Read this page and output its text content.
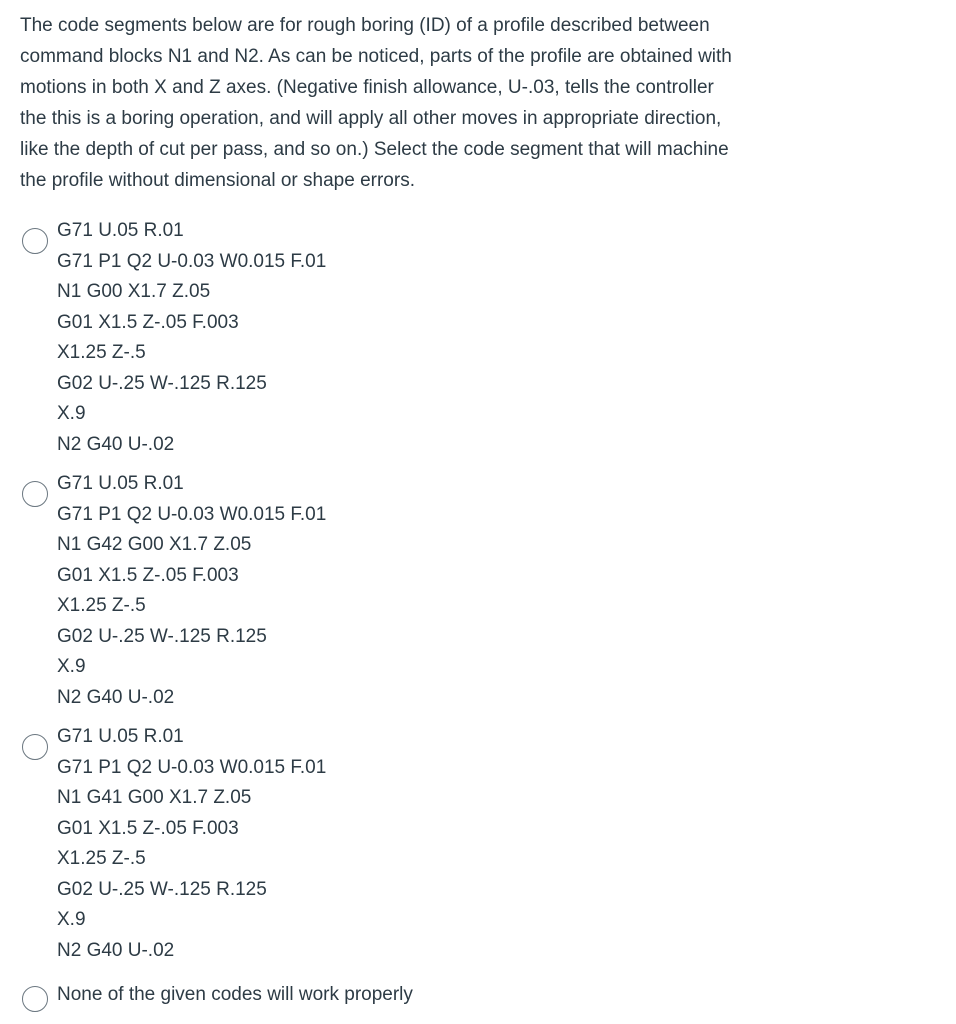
The code segments below are for rough boring (ID) of a profile described between
command blocks N1 and N2. As can be noticed, parts of the profile are obtained with
motions in both X and Z axes. (Negative finish allowance, U-.03, tells the controller
the this is a boring operation, and will apply all other moves in appropriate direction,
like the depth of cut per pass, and so on.) Select the code segment that will machine
the profile without dimensional or shape errors.

G71 U.05 R.01
G71 P1 Q2 U-0.03 W0.015 F.01
N1 G00 X1.7 Z.05
G01 X1.5 Z-.05 F.003
X1.25 Z-.5
G02 U-.25 W-.125 R.125
X.9
N2 G40 U-.02
G71 U.05 R.01
G71 P1 Q2 U-0.03 W0.015 F.01
N1 G42 G00 X1.7 Z.05
G01 X1.5 Z-.05 F.003
X1.25 Z-.5
G02 U-.25 W-.125 R.125
X.9
N2 G40 U-.02
G71 U.05 R.01
G71 P1 Q2 U-0.03 W0.015 F.01
N1 G41 G00 X1.7 Z.05
G01 X1.5 Z-.05 F.003
X1.25 Z-.5
G02 U-.25 W-.125 R.125
X.9
N2 G40 U-.02
None of the given codes will work properly
